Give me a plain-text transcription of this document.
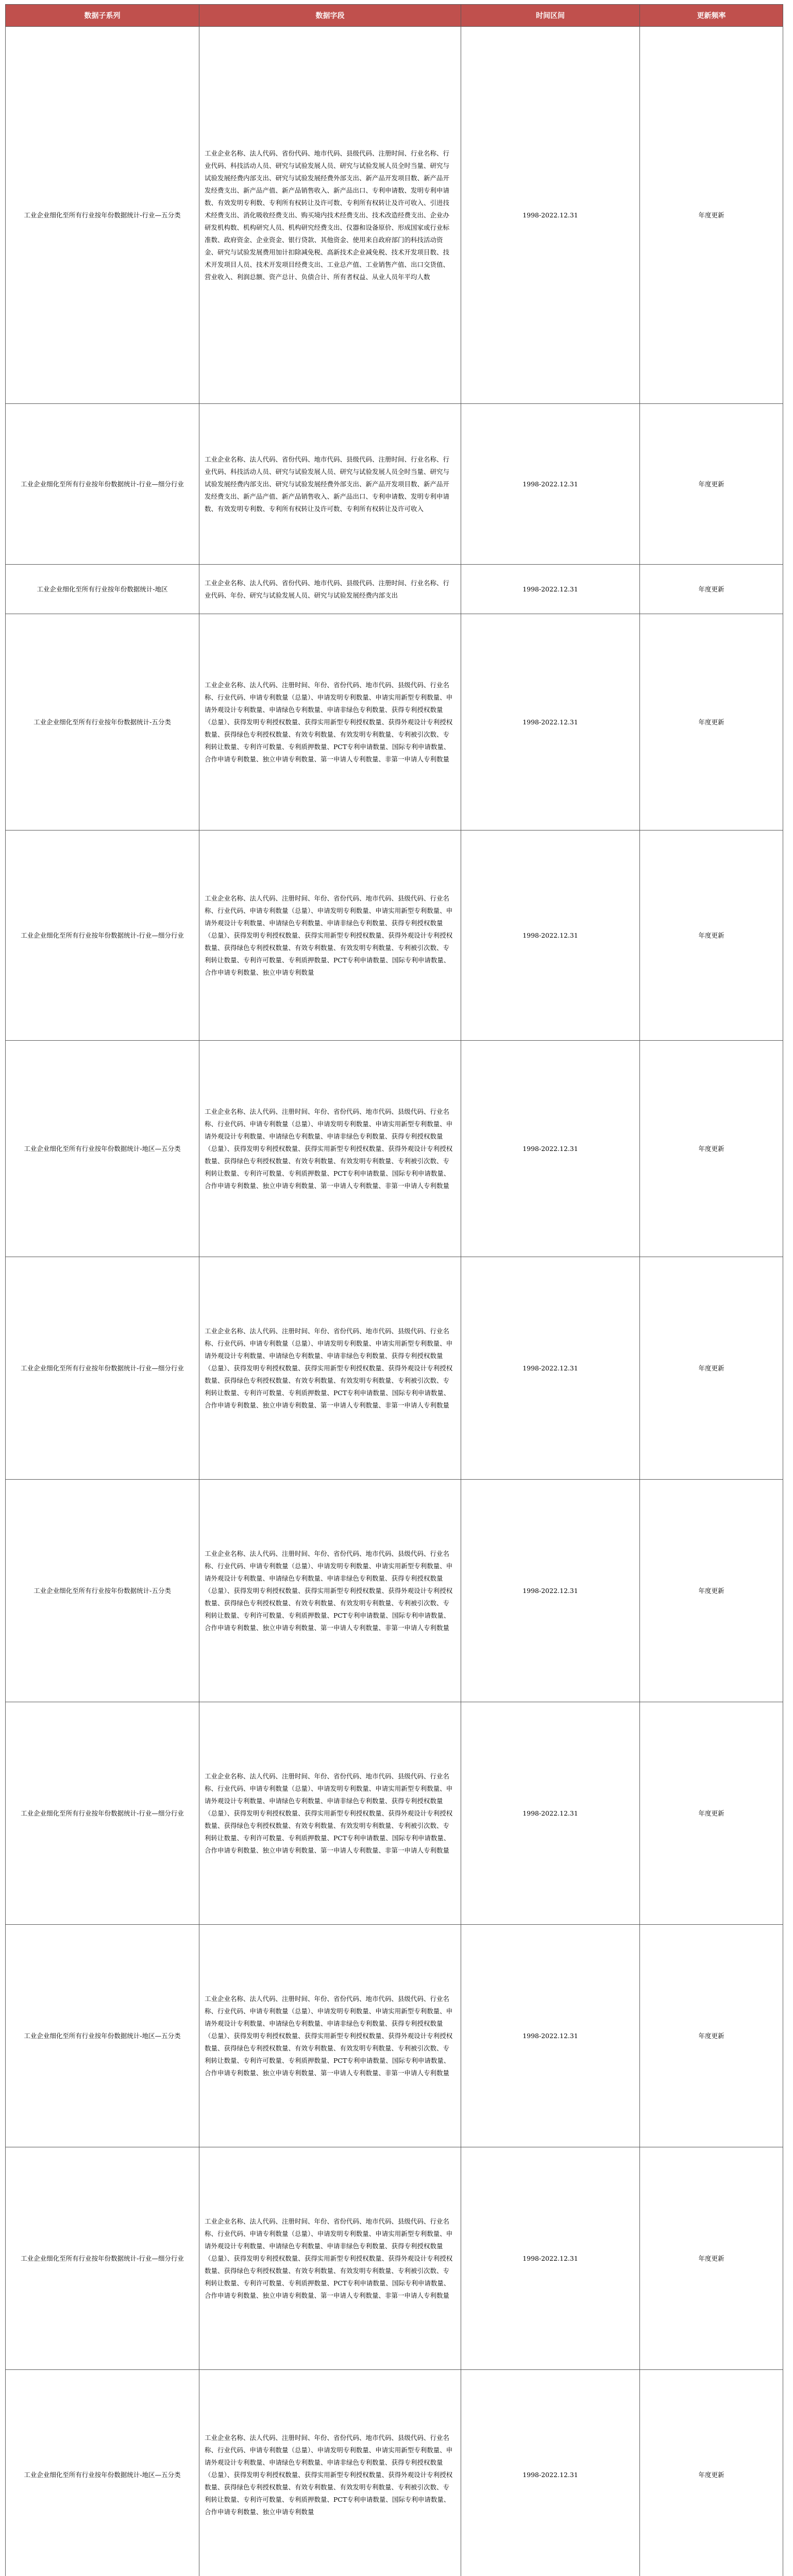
数据子系列	数据字段	时间区间	更新频率
工业企业细化至所有行业按年份数据统计-行业—五分类	工业企业名称、法人代码、省份代码、地市代码、县级代码、注册时间、行业名称、行业代码、科技活动人员、研究与试验发展人员、研究与试验发展人员全时当量、研究与试验发展经费内部支出、研究与试验发展经费外部支出、新产品开发项目数、新产品开发经费支出、新产品产值、新产品销售收入、新产品出口、专利申请数、发明专利申请数、有效发明专利数、专利所有权转让及许可数、专利所有权转让及许可收入、引进技术经费支出、消化吸收经费支出、购买境内技术经费支出、技术改造经费支出、企业办研发机构数、机构研究人员、机构研究经费支出、仪器和设备原价、形成国家或行业标准数、政府资金、企业资金、银行贷款、其他资金、使用来自政府部门的科技活动资金、研究与试验发展费用加计扣除减免税、高新技术企业减免税、技术开发项目数、技术开发项目人员、技术开发项目经费支出、工业总产值、工业销售产值、出口交货值、营业收入、利润总额、资产总计、负债合计、所有者权益、从业人员年平均人数	1998-2022.12.31	年度更新
工业企业细化至所有行业按年份数据统计-行业—细分行业	工业企业名称、法人代码、省份代码、地市代码、县级代码、注册时间、行业名称、行业代码、科技活动人员、研究与试验发展人员、研究与试验发展人员全时当量、研究与试验发展经费内部支出、研究与试验发展经费外部支出、新产品开发项目数、新产品开发经费支出、新产品产值、新产品销售收入、新产品出口、专利申请数、发明专利申请数、有效发明专利数、专利所有权转让及许可数、专利所有权转让及许可收入	1998-2022.12.31	年度更新
工业企业细化至所有行业按年份数据统计-地区	工业企业名称、法人代码、省份代码、地市代码、县级代码、注册时间、行业名称、行业代码、年份、研究与试验发展人员、研究与试验发展经费内部支出	1998-2022.12.31	年度更新
工业企业细化至所有行业按年份数据统计-五分类	工业企业名称、法人代码、注册时间、年份、省份代码、地市代码、县级代码、行业名称、行业代码、申请专利数量（总量）、申请发明专利数量、申请实用新型专利数量、申请外观设计专利数量、申请绿色专利数量、申请非绿色专利数量、获得专利授权数量（总量）、获得发明专利授权数量、获得实用新型专利授权数量、获得外观设计专利授权数量、获得绿色专利授权数量、有效专利数量、有效发明专利数量、专利被引次数、专利转让数量、专利许可数量、专利质押数量、PCT专利申请数量、国际专利申请数量、合作申请专利数量、独立申请专利数量、第一申请人专利数量、非第一申请人专利数量	1998-2022.12.31	年度更新
工业企业细化至所有行业按年份数据统计-行业—细分行业	工业企业名称、法人代码、注册时间、年份、省份代码、地市代码、县级代码、行业名称、行业代码、申请专利数量（总量）、申请发明专利数量、申请实用新型专利数量、申请外观设计专利数量、申请绿色专利数量、申请非绿色专利数量、获得专利授权数量（总量）、获得发明专利授权数量、获得实用新型专利授权数量、获得外观设计专利授权数量、获得绿色专利授权数量、有效专利数量、有效发明专利数量、专利被引次数、专利转让数量、专利许可数量、专利质押数量、PCT专利申请数量、国际专利申请数量、合作申请专利数量、独立申请专利数量	1998-2022.12.31	年度更新
工业企业细化至所有行业按年份数据统计-地区—五分类	工业企业名称、法人代码、注册时间、年份、省份代码、地市代码、县级代码、行业名称、行业代码、申请专利数量（总量）、申请发明专利数量、申请实用新型专利数量、申请外观设计专利数量、申请绿色专利数量、申请非绿色专利数量、获得专利授权数量（总量）、获得发明专利授权数量、获得实用新型专利授权数量、获得外观设计专利授权数量、获得绿色专利授权数量、有效专利数量、有效发明专利数量、专利被引次数、专利转让数量、专利许可数量、专利质押数量、PCT专利申请数量、国际专利申请数量、合作申请专利数量、独立申请专利数量、第一申请人专利数量、非第一申请人专利数量	1998-2022.12.31	年度更新
工业企业细化至所有行业按年份数据统计-行业—细分行业	工业企业名称、法人代码、注册时间、年份、省份代码、地市代码、县级代码、行业名称、行业代码、申请专利数量（总量）、申请发明专利数量、申请实用新型专利数量、申请外观设计专利数量、申请绿色专利数量、申请非绿色专利数量、获得专利授权数量（总量）、获得发明专利授权数量、获得实用新型专利授权数量、获得外观设计专利授权数量、获得绿色专利授权数量、有效专利数量、有效发明专利数量、专利被引次数、专利转让数量、专利许可数量、专利质押数量、PCT专利申请数量、国际专利申请数量、合作申请专利数量、独立申请专利数量、第一申请人专利数量、非第一申请人专利数量	1998-2022.12.31	年度更新
工业企业细化至所有行业按年份数据统计-五分类	工业企业名称、法人代码、注册时间、年份、省份代码、地市代码、县级代码、行业名称、行业代码、申请专利数量（总量）、申请发明专利数量、申请实用新型专利数量、申请外观设计专利数量、申请绿色专利数量、申请非绿色专利数量、获得专利授权数量（总量）、获得发明专利授权数量、获得实用新型专利授权数量、获得外观设计专利授权数量、获得绿色专利授权数量、有效专利数量、有效发明专利数量、专利被引次数、专利转让数量、专利许可数量、专利质押数量、PCT专利申请数量、国际专利申请数量、合作申请专利数量、独立申请专利数量、第一申请人专利数量、非第一申请人专利数量	1998-2022.12.31	年度更新
工业企业细化至所有行业按年份数据统计-行业—细分行业	工业企业名称、法人代码、注册时间、年份、省份代码、地市代码、县级代码、行业名称、行业代码、申请专利数量（总量）、申请发明专利数量、申请实用新型专利数量、申请外观设计专利数量、申请绿色专利数量、申请非绿色专利数量、获得专利授权数量（总量）、获得发明专利授权数量、获得实用新型专利授权数量、获得外观设计专利授权数量、获得绿色专利授权数量、有效专利数量、有效发明专利数量、专利被引次数、专利转让数量、专利许可数量、专利质押数量、PCT专利申请数量、国际专利申请数量、合作申请专利数量、独立申请专利数量、第一申请人专利数量、非第一申请人专利数量	1998-2022.12.31	年度更新
工业企业细化至所有行业按年份数据统计-地区—五分类	工业企业名称、法人代码、注册时间、年份、省份代码、地市代码、县级代码、行业名称、行业代码、申请专利数量（总量）、申请发明专利数量、申请实用新型专利数量、申请外观设计专利数量、申请绿色专利数量、申请非绿色专利数量、获得专利授权数量（总量）、获得发明专利授权数量、获得实用新型专利授权数量、获得外观设计专利授权数量、获得绿色专利授权数量、有效专利数量、有效发明专利数量、专利被引次数、专利转让数量、专利许可数量、专利质押数量、PCT专利申请数量、国际专利申请数量、合作申请专利数量、独立申请专利数量、第一申请人专利数量、非第一申请人专利数量	1998-2022.12.31	年度更新
工业企业细化至所有行业按年份数据统计-行业—细分行业	工业企业名称、法人代码、注册时间、年份、省份代码、地市代码、县级代码、行业名称、行业代码、申请专利数量（总量）、申请发明专利数量、申请实用新型专利数量、申请外观设计专利数量、申请绿色专利数量、申请非绿色专利数量、获得专利授权数量（总量）、获得发明专利授权数量、获得实用新型专利授权数量、获得外观设计专利授权数量、获得绿色专利授权数量、有效专利数量、有效发明专利数量、专利被引次数、专利转让数量、专利许可数量、专利质押数量、PCT专利申请数量、国际专利申请数量、合作申请专利数量、独立申请专利数量、第一申请人专利数量、非第一申请人专利数量	1998-2022.12.31	年度更新
工业企业细化至所有行业按年份数据统计-地区—五分类	工业企业名称、法人代码、注册时间、年份、省份代码、地市代码、县级代码、行业名称、行业代码、申请专利数量（总量）、申请发明专利数量、申请实用新型专利数量、申请外观设计专利数量、申请绿色专利数量、申请非绿色专利数量、获得专利授权数量（总量）、获得发明专利授权数量、获得实用新型专利授权数量、获得外观设计专利授权数量、获得绿色专利授权数量、有效专利数量、有效发明专利数量、专利被引次数、专利转让数量、专利许可数量、专利质押数量、PCT专利申请数量、国际专利申请数量、合作申请专利数量、独立申请专利数量	1998-2022.12.31	年度更新
